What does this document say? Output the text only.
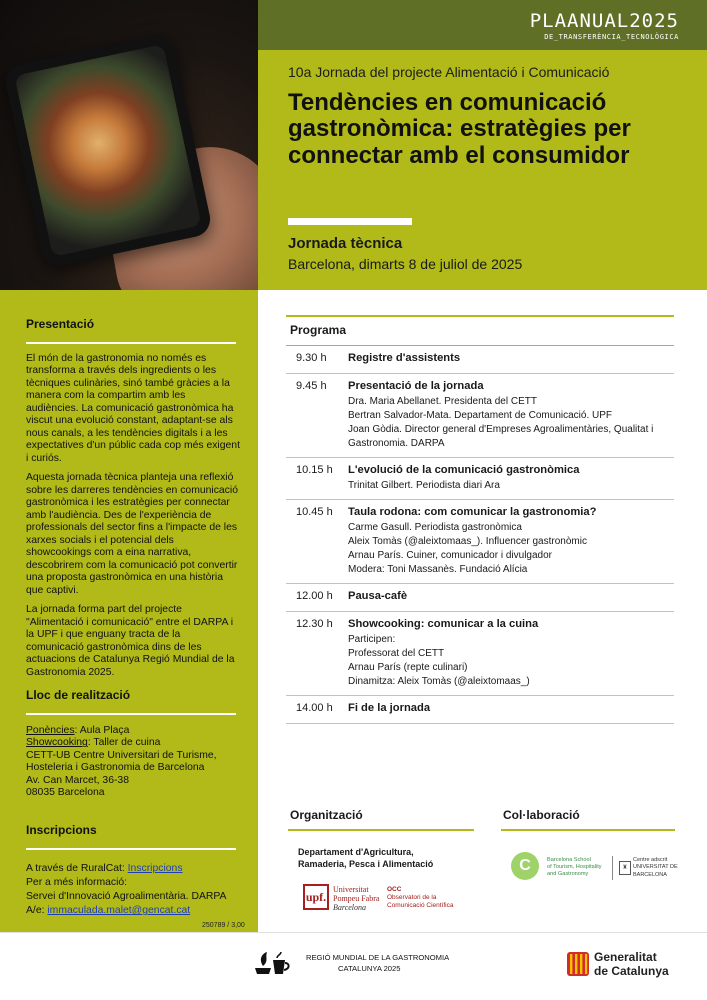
PLAANUAL2025
DE_TRANSFERÈNCIA_TECNOLÒGICA
10a Jornada del projecte Alimentació i Comunicació
Tendències en comunicació gastronòmica: estratègies per connectar amb el consumidor
Jornada tècnica
Barcelona, dimarts 8 de juliol de 2025
Presentació

El món de la gastronomia no només es transforma a través dels ingredients o les tècniques culinàries, sinó també gràcies a la manera com la compartim amb les audiències. La comunicació gastronòmica ha viscut una evolució constant, adaptant-se als nous canals, a les tendències digitals i a les expectatives d'un públic cada cop més exigent i curiós.

Aquesta jornada tècnica planteja una reflexió sobre les darreres tendències en comunicació gastronòmica i les estratègies per connectar amb l'audiència. Des de l'experiència de professionals del sector fins a l'impacte de les xarxes socials i el potencial dels showcookings com a eina narrativa, descobrirem com la comunicació pot convertir una proposta gastronòmica en una història que captivi.

La jornada forma part del projecte "Alimentació i comunicació" entre el DARPA i la UPF i que enguany tracta de la comunicació gastronòmica dins de les actuacions de Catalunya Regió Mundial de la Gastronomia 2025.

Lloc de realització
Ponències: Aula Plaça
Showcooking: Taller de cuina
CETT-UB Centre Universitari de Turisme, Hosteleria i Gastronomia de Barcelona
Av. Can Marcet, 36-38
08035 Barcelona
Inscripcions
A través de RuralCat: Inscripcions
Per a més informació:
Servei d'Innovació Agroalimentària. DARPA
A/e: immaculada.malet@gencat.cat
250789 / 3,00
Programa
9.30 h	Registre d'assistents
9.45 h	Presentació de la jornada
Dra. Maria Abellanet. Presidenta del CETT
Bertran Salvador-Mata. Departament de Comunicació. UPF
Joan Gòdia. Director general d'Empreses Agroalimentàries, Qualitat i Gastronomia. DARPA
10.15 h	L'evolució de la comunicació gastronòmica
Trinitat Gilbert. Periodista diari Ara
10.45 h	Taula rodona: com comunicar la gastronomia?
Carme Gasull. Periodista gastronòmica
Aleix Tomàs (@aleixtomaas_). Influencer gastronòmic
Arnau París. Cuiner, comunicador i divulgador
Modera: Toni Massanès. Fundació Alícia
12.00 h	Pausa-cafè
12.30 h	Showcooking: comunicar a la cuina
Participen:
Professorat del CETT
Arnau París (repte culinari)
Dinamitza: Aleix Tomàs (@aleixtomaas_)
14.00 h	Fi de la jornada
Organització
Departament d'Agricultura,
Ramaderia, Pesca i Alimentació
upf.
Universitat
Pompeu Fabra
Barcelona
OCC
Observatori de la
Comunicació Científica
Col·laboració
C	Barcelona School
of Tourism, Hospitality
and Gastronomy
♜
Centre adscrit
UNIVERSITAT DE
BARCELONA
REGIÓ MUNDIAL DE LA GASTRONOMIA
CATALUNYA 2025
Generalitat
de Catalunya
